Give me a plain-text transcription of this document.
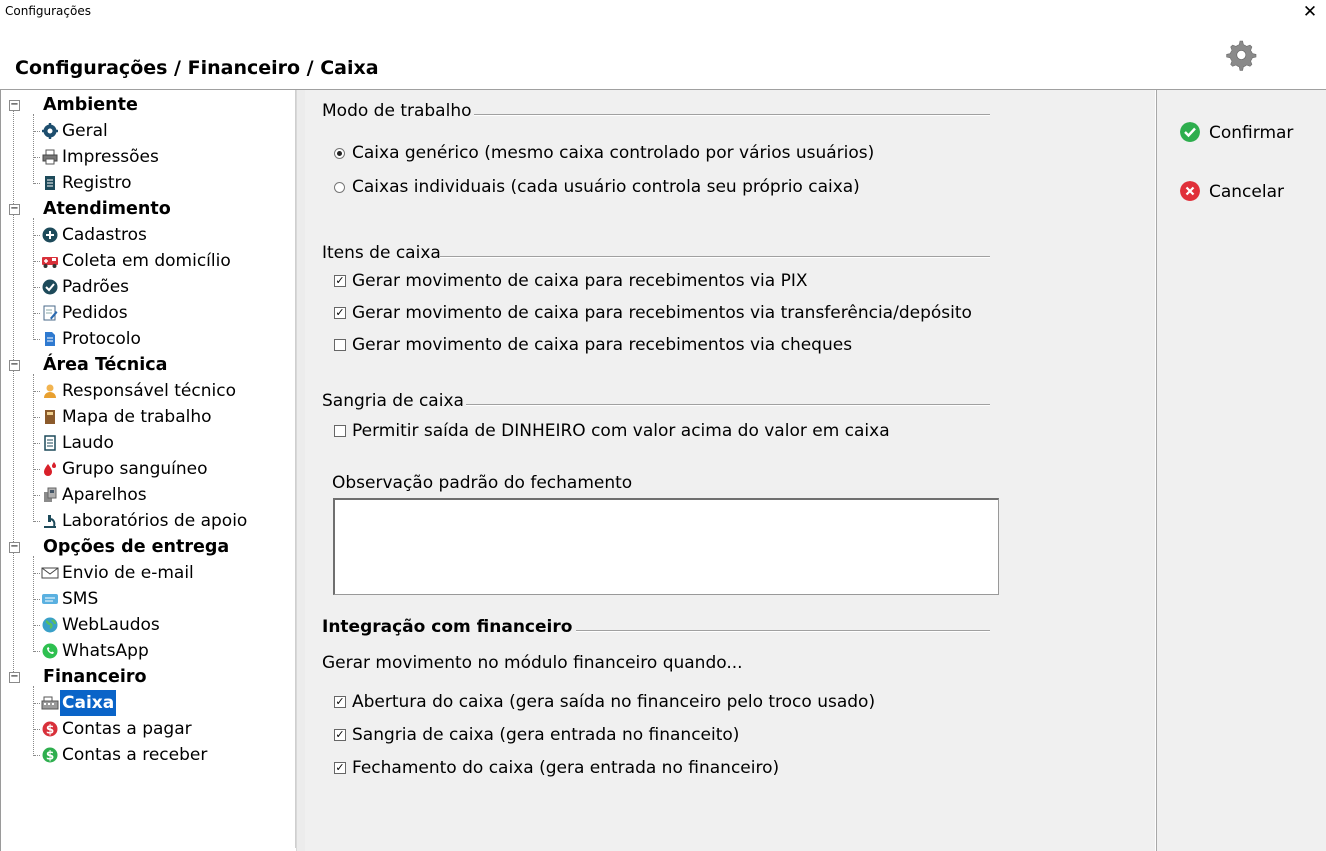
Configurações	✕
Configurações / Financeiro / Caixa
− Ambiente
Geral
Impressões
Registro
− Atendimento
Cadastros
Coleta em domicílio
Padrões
Pedidos
Protocolo
− Área Técnica
Responsável técnico
Mapa de trabalho
Laudo
Grupo sanguíneo
Aparelhos
Laboratórios de apoio
− Opções de entrega
Envio de e-mail
SMS
WebLaudos
WhatsApp
− Financeiro
Caixa
$ Contas a pagar
$ Contas a receber
Modo de trabalho
Caixa genérico (mesmo caixa controlado por vários usuários)
Caixas individuais (cada usuário controla seu próprio caixa)
Itens de caixa
✓ Gerar movimento de caixa para recebimentos via PIX
✓ Gerar movimento de caixa para recebimentos via transferência/depósito
Gerar movimento de caixa para recebimentos via cheques
Sangria de caixa
Permitir saída de DINHEIRO com valor acima do valor em caixa
Observação padrão do fechamento
Integração com financeiro
Gerar movimento no módulo financeiro quando...
✓ Abertura do caixa (gera saída no financeiro pelo troco usado)
✓ Sangria de caixa (gera entrada no financeito)
✓ Fechamento do caixa (gera entrada no financeiro)
Confirmar
Cancelar
